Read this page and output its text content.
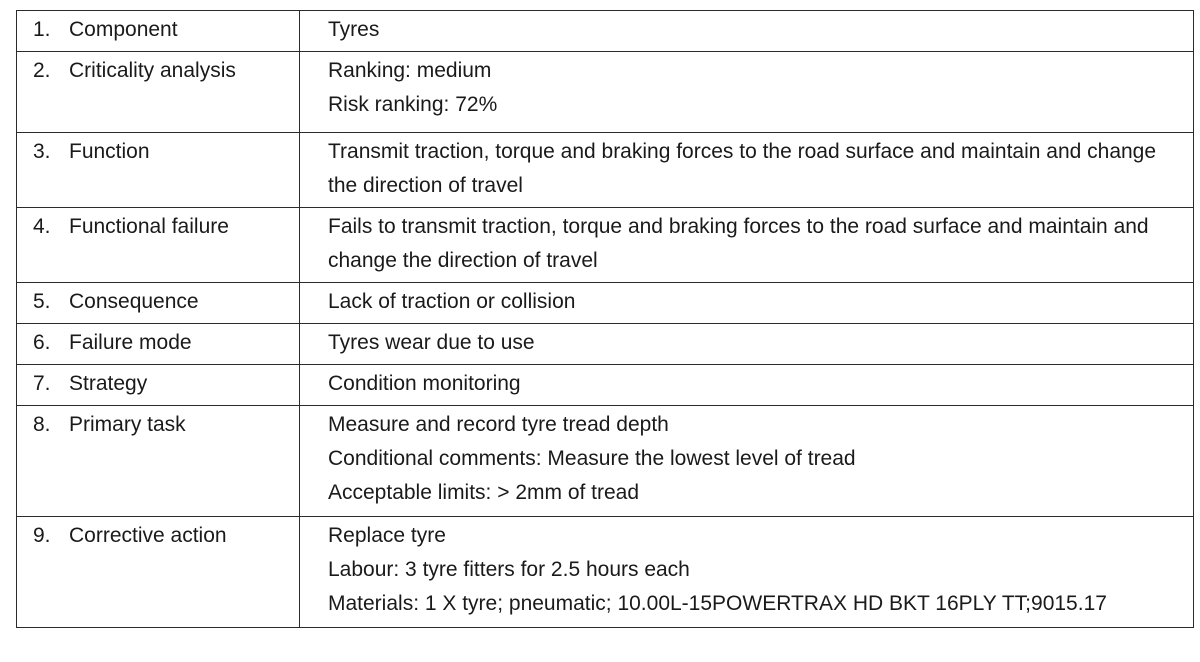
1. Component	Tyres

2. Criticality analysis	Ranking: medium
Risk ranking: 72%

3. Function	Transmit traction, torque and braking forces to the road surface and maintain and change the direction of travel

4. Functional failure	Fails to transmit traction, torque and braking forces to the road surface and maintain and change the direction of travel

5. Consequence	Lack of traction or collision

6. Failure mode	Tyres wear due to use

7. Strategy	Condition monitoring

8. Primary task	Measure and record tyre tread depth
Conditional comments: Measure the lowest level of tread
Acceptable limits: > 2mm of tread

9. Corrective action	Replace tyre
Labour: 3 tyre fitters for 2.5 hours each
Materials: 1 X tyre; pneumatic; 10.00L-15POWERTRAX HD BKT 16PLY TT;9015.17
